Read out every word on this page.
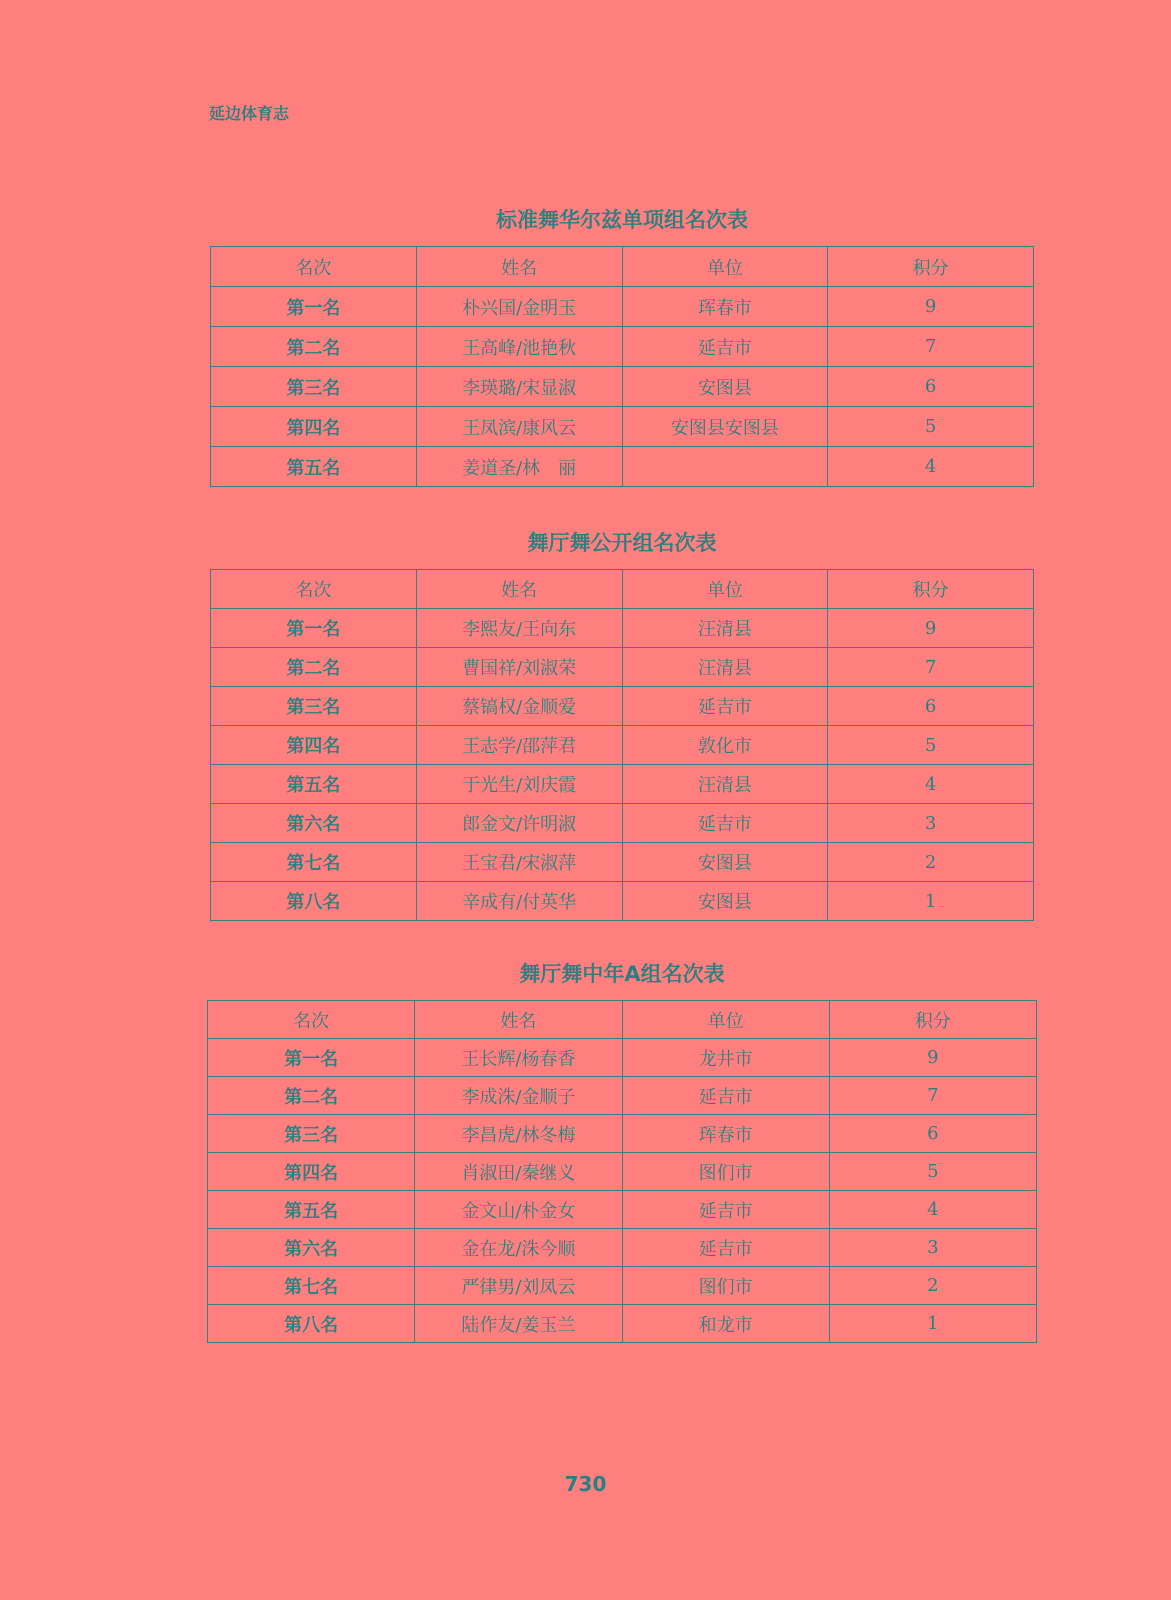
延边体育志
标准舞华尔兹单项组名次表
名次	姓名	单位	积分
第一名	朴兴国/金明玉	珲春市	9
第二名	王高峰/池艳秋	延吉市	7
第三名	李瑛璐/宋显淑	安图县	6
第四名	王凤滨/康风云	安图县安图县	5
第五名	姜道圣/林　丽		4
舞厅舞公开组名次表
名次	姓名	单位	积分
第一名	李熙友/王向东	汪清县	9
第二名	曹国祥/刘淑荣	汪清县	7
第三名	蔡镐权/金顺爱	延吉市	6
第四名	王志学/邵萍君	敦化市	5
第五名	于光生/刘庆霞	汪清县	4
第六名	郎金文/许明淑	延吉市	3
第七名	王宝君/宋淑萍	安图县	2
第八名	辛成有/付英华	安图县	1
舞厅舞中年A组名次表
名次	姓名	单位	积分
第一名	王长辉/杨春香	龙井市	9
第二名	李成洙/金顺子	延吉市	7
第三名	李昌虎/林冬梅	珲春市	6
第四名	肖淑田/秦继义	图们市	5
第五名	金文山/朴金女	延吉市	4
第六名	金在龙/洙今顺	延吉市	3
第七名	严律男/刘凤云	图们市	2
第八名	陆作友/姜玉兰	和龙市	1
730
